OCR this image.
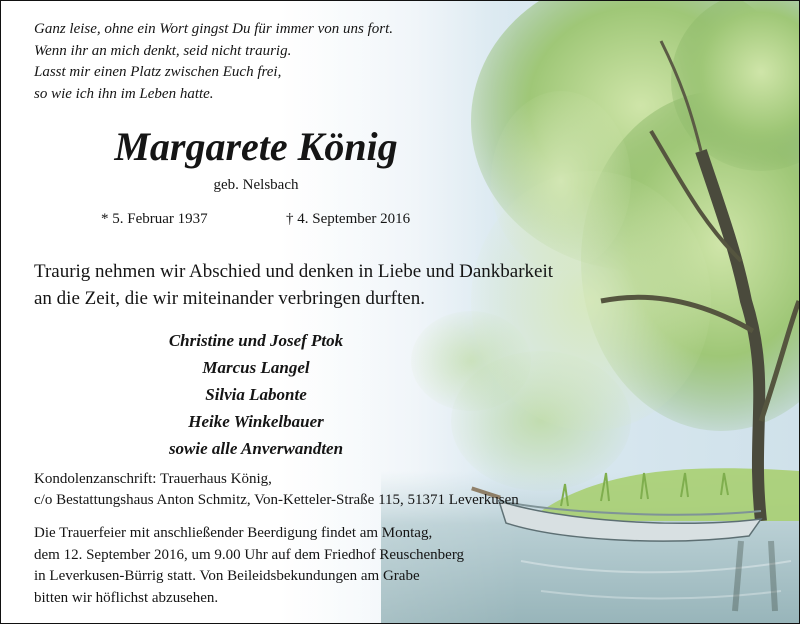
Ganz leise, ohne ein Wort gingst Du für immer von uns fort.
Wenn ihr an mich denkt, seid nicht traurig.
Lasst mir einen Platz zwischen Euch frei,
so wie ich ihn im Leben hatte.
Margarete König
geb. Nelsbach
* 5. Februar 1937	† 4. September 2016
Traurig nehmen wir Abschied und denken in Liebe und Dankbarkeit
an die Zeit, die wir miteinander verbringen durften.
Christine und Josef Ptok
Marcus Langel
Silvia Labonte
Heike Winkelbauer
sowie alle Anverwandten
Kondolenzanschrift: Trauerhaus König,
c/o Bestattungshaus Anton Schmitz, Von-Ketteler-Straße 115, 51371 Leverkusen
Die Trauerfeier mit anschließender Beerdigung findet am Montag,
dem 12. September 2016, um 9.00 Uhr auf dem Friedhof Reuschenberg
in Leverkusen-Bürrig statt. Von Beileidsbekundungen am Grabe
bitten wir höflichst abzusehen.
